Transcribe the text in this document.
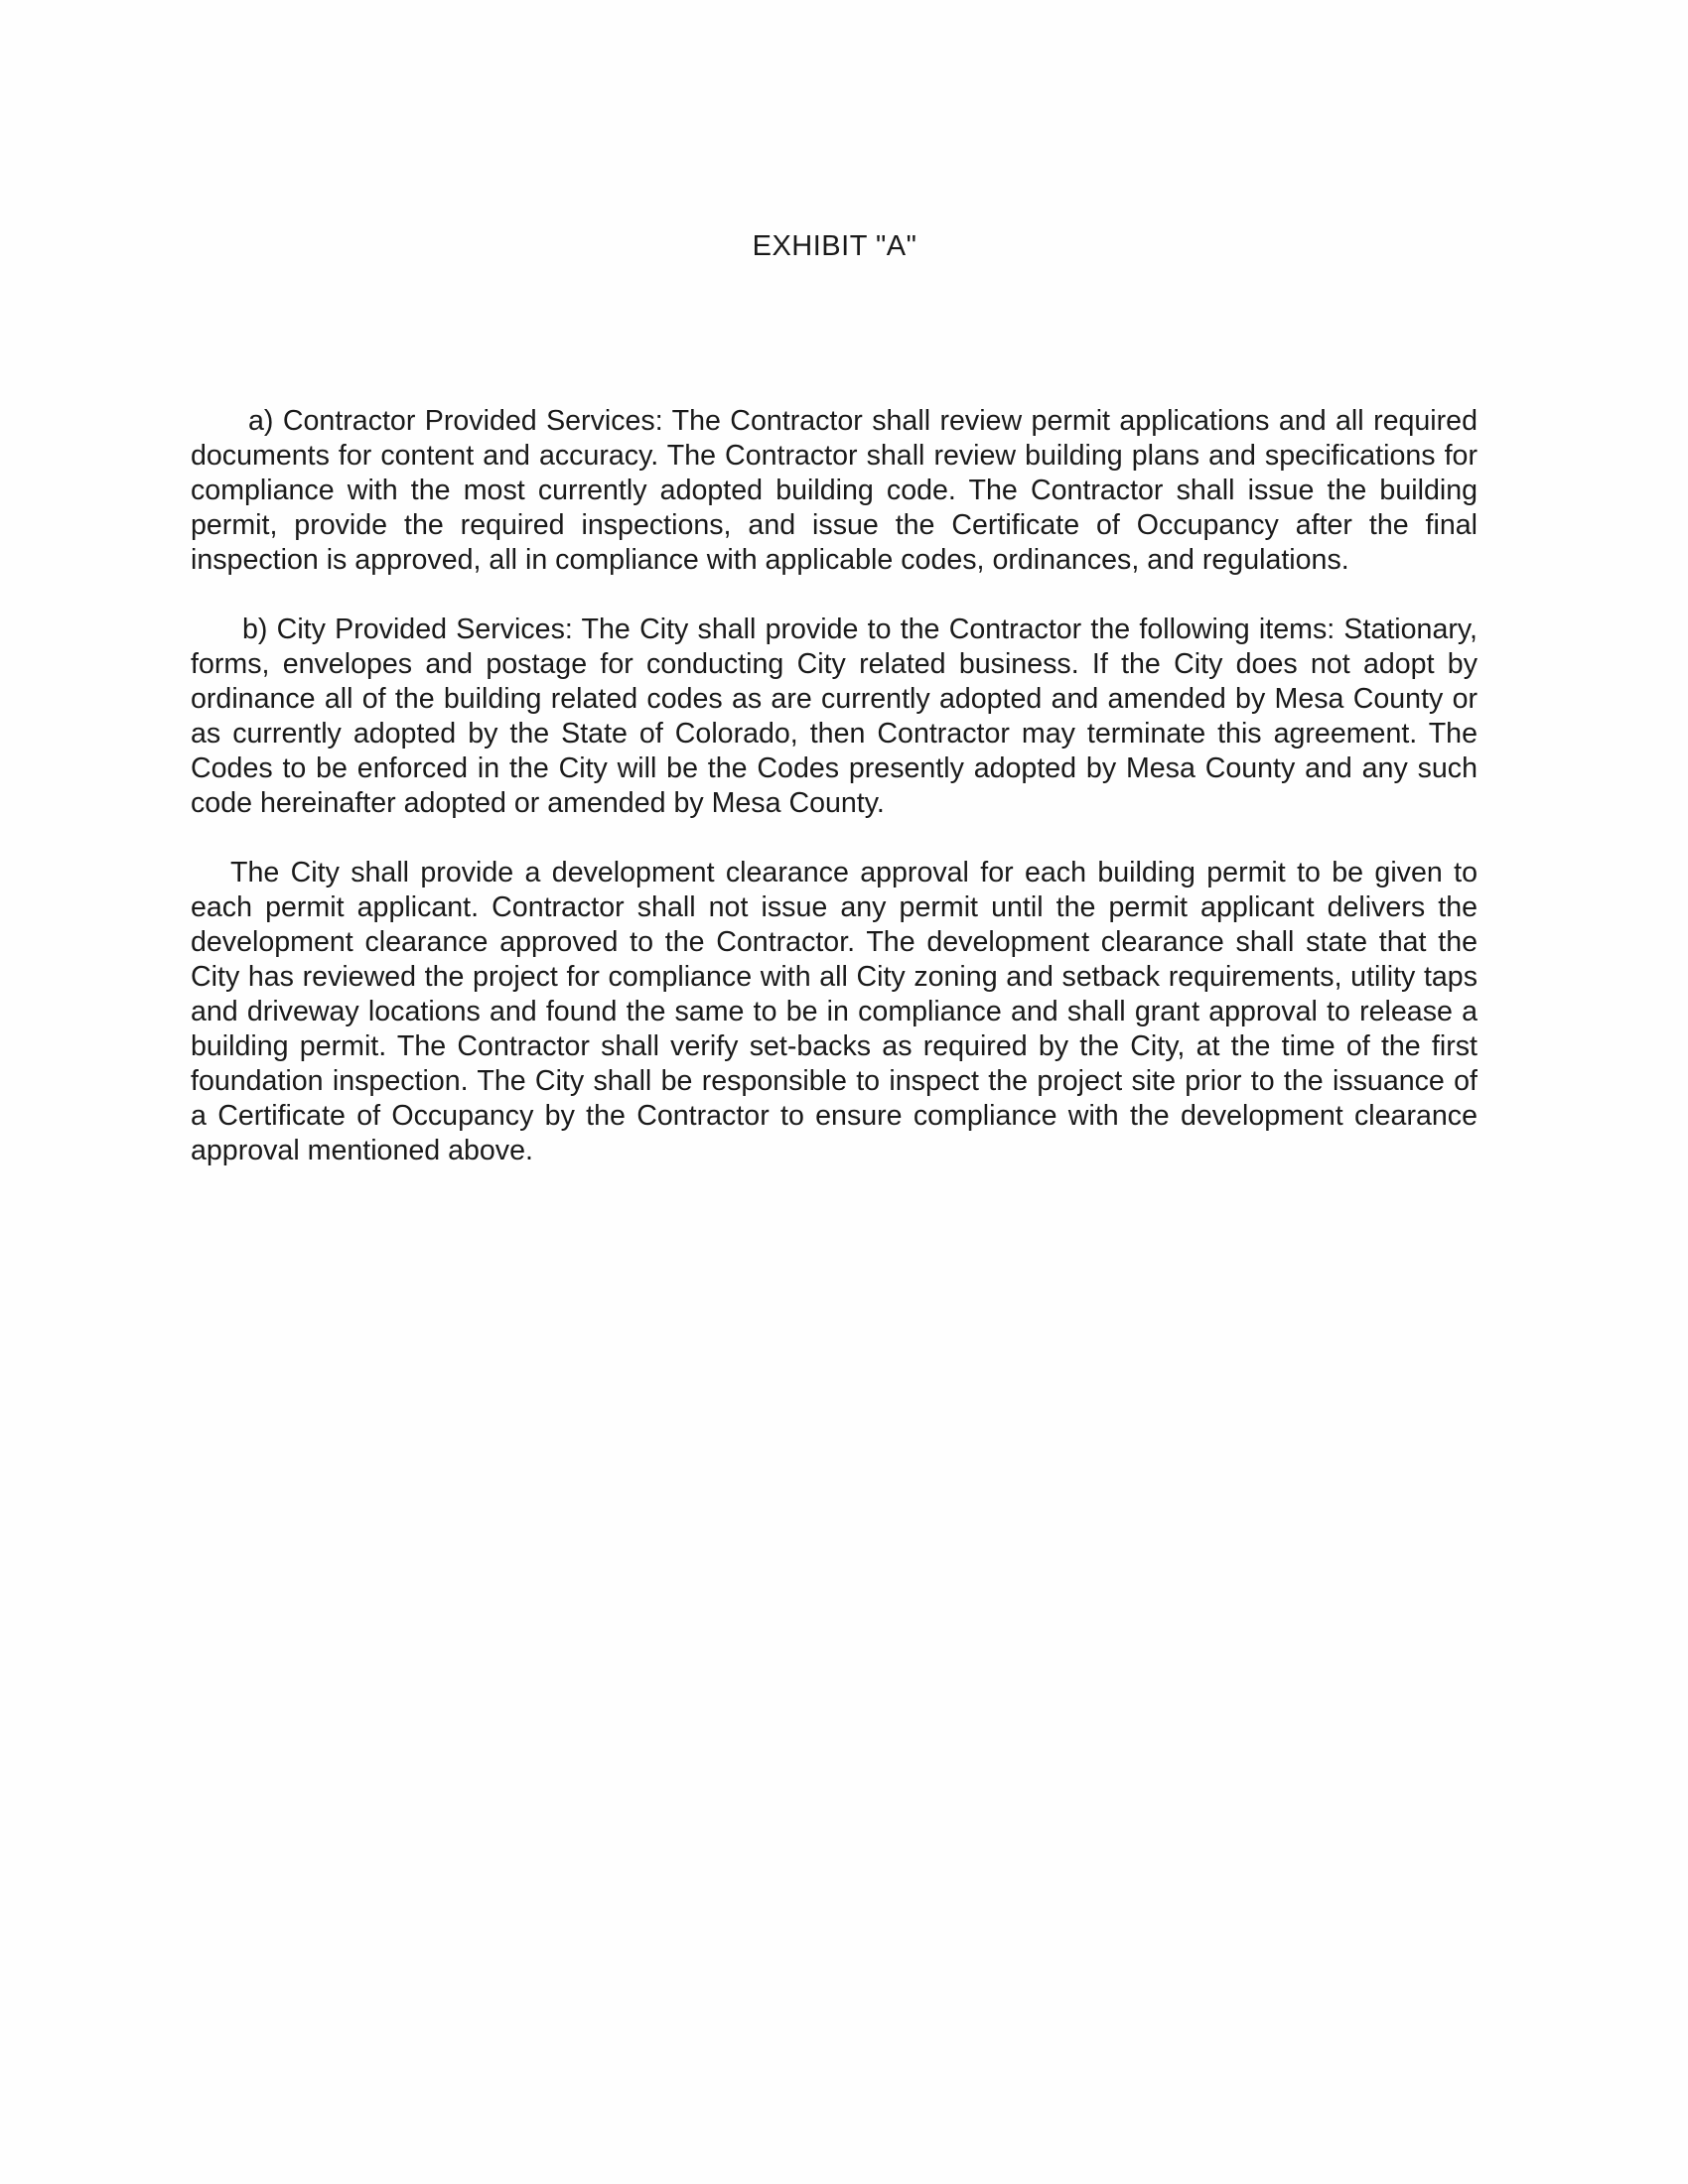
EXHIBIT "A"

a) Contractor Provided Services: The Contractor shall review permit applications and all required documents for content and accuracy. The Contractor shall review building plans and specifications for compliance with the most currently adopted building code. The Contractor shall issue the building permit, provide the required inspections, and issue the Certificate of Occupancy after the final inspection is approved, all in compliance with applicable codes, ordinances, and regulations.

b) City Provided Services: The City shall provide to the Contractor the following items: Stationary, forms, envelopes and postage for conducting City related business. If the City does not adopt by ordinance all of the building related codes as are currently adopted and amended by Mesa County or as currently adopted by the State of Colorado, then Contractor may terminate this agreement. The Codes to be enforced in the City will be the Codes presently adopted by Mesa County and any such code hereinafter adopted or amended by Mesa County.

The City shall provide a development clearance approval for each building permit to be given to each permit applicant. Contractor shall not issue any permit until the permit applicant delivers the development clearance approved to the Contractor. The development clearance shall state that the City has reviewed the project for compliance with all City zoning and setback requirements, utility taps and driveway locations and found the same to be in compliance and shall grant approval to release a building permit. The Contractor shall verify set-backs as required by the City, at the time of the first foundation inspection. The City shall be responsible to inspect the project site prior to the issuance of a Certificate of Occupancy by the Contractor to ensure compliance with the development clearance approval mentioned above.
